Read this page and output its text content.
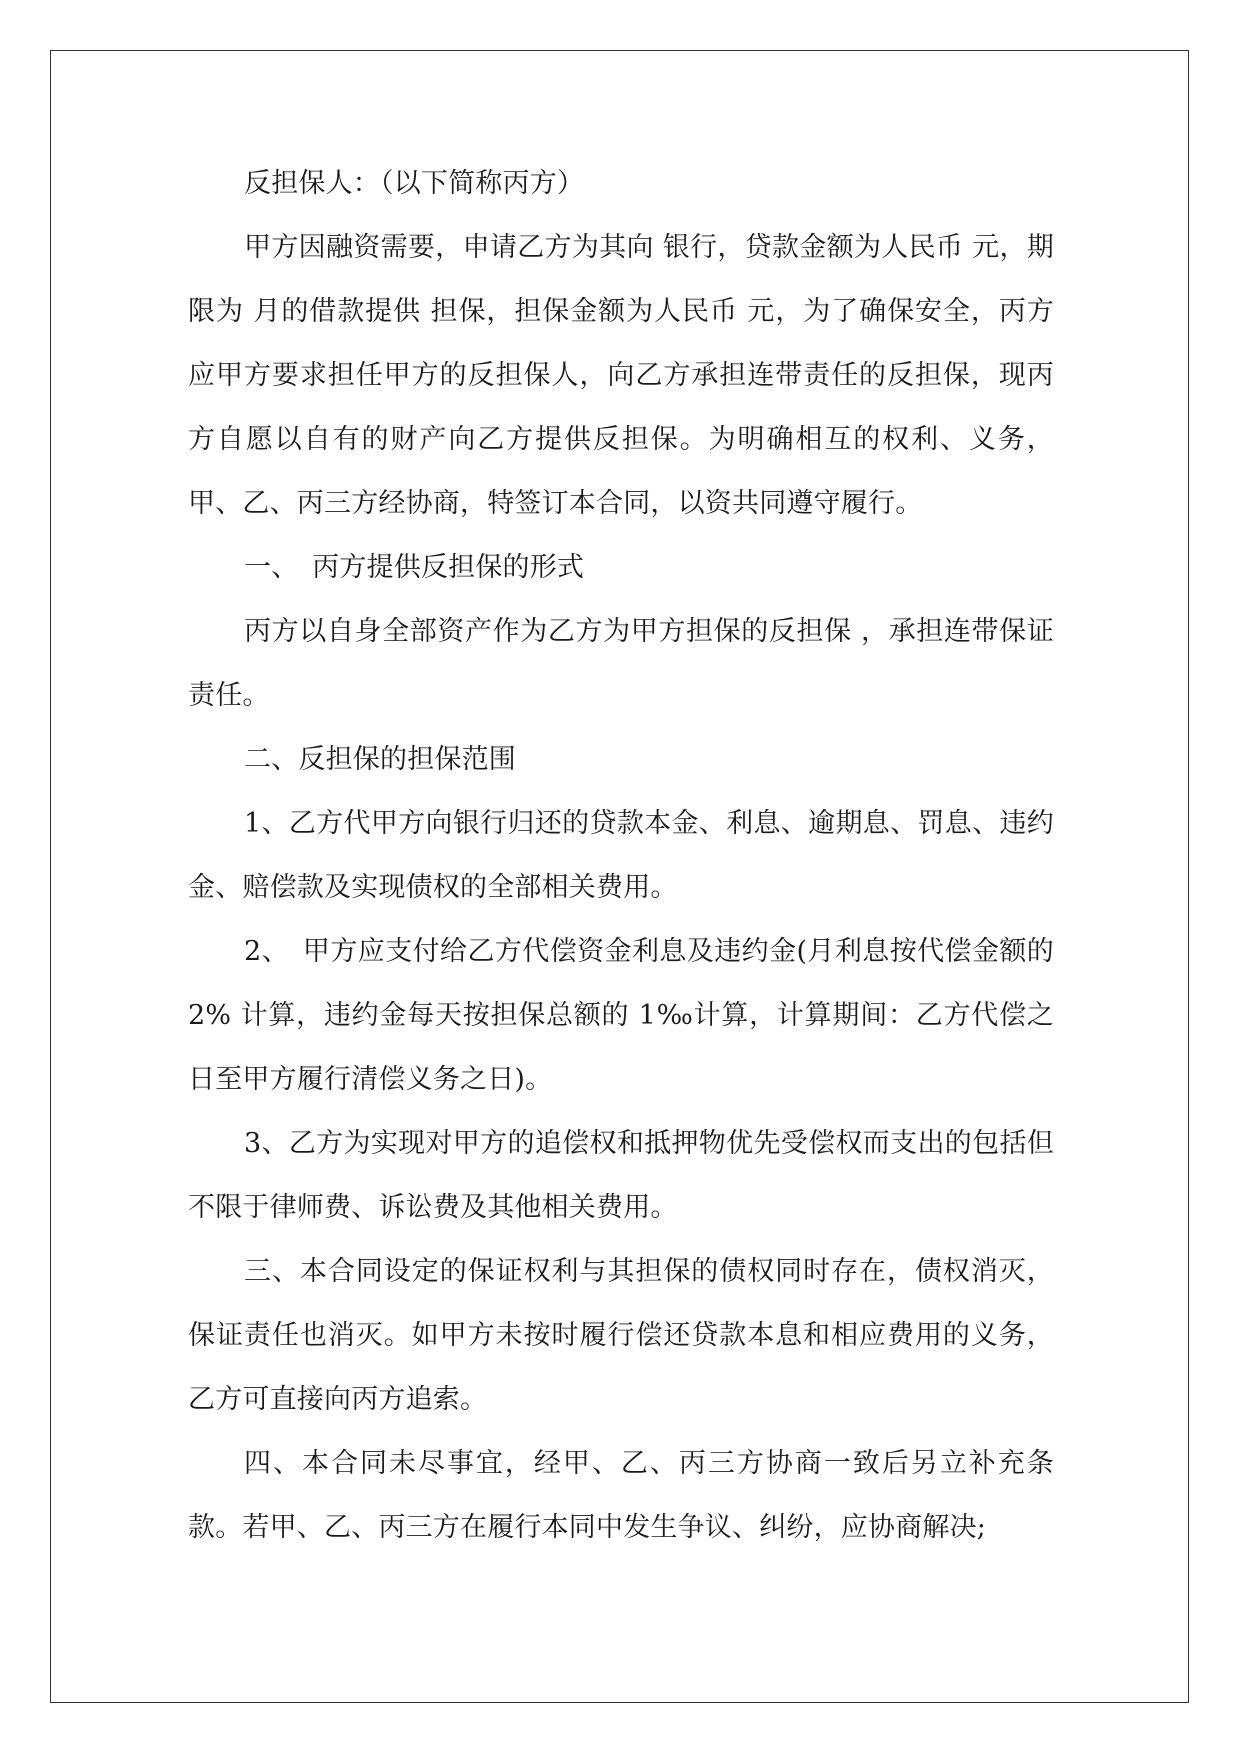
反担保人：（以下简称丙方）

甲方因融资需要，申请乙方为其向 银行，贷款金额为人民币 元，期限为 月的借款提供 担保，担保金额为人民币 元，为了确保安全，丙方应甲方要求担任甲方的反担保人，向乙方承担连带责任的反担保，现丙方自愿以自有的财产向乙方提供反担保。为明确相互的权利、义务，甲、乙、丙三方经协商，特签订本合同，以资共同遵守履行。

一、　丙方提供反担保的形式

丙方以自身全部资产作为乙方为甲方担保的反担保 ，承担连带保证责任。

二、反担保的担保范围

1、乙方代甲方向银行归还的贷款本金、利息、逾期息、罚息、违约金、赔偿款及实现债权的全部相关费用。

2、　甲方应支付给乙方代偿资金利息及违约金(月利息按代偿金额的 2% 计算，违约金每天按担保总额的 1‰计算，计算期间：乙方代偿之日至甲方履行清偿义务之日)。

3、乙方为实现对甲方的追偿权和抵押物优先受偿权而支出的包括但不限于律师费、诉讼费及其他相关费用。

三、本合同设定的保证权利与其担保的债权同时存在，债权消灭，保证责任也消灭。如甲方未按时履行偿还贷款本息和相应费用的义务，乙方可直接向丙方追索。

四、本合同未尽事宜，经甲、乙、丙三方协商一致后另立补充条款。若甲、乙、丙三方在履行本同中发生争议、纠纷，应协商解决;
